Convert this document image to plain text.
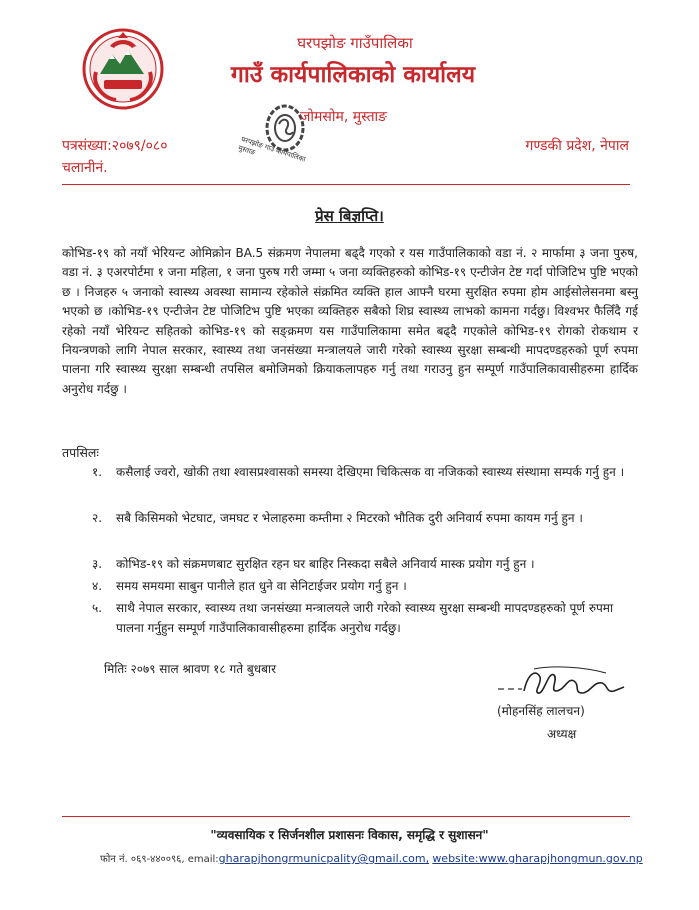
घरपझोङ गाउँपालिका
गाउँ कार्यपालिकाको कार्यालय
घरपझोङ गाउँ कार्यपालिका मुस्ताङ
जोमसोम, मुस्ताङ
पत्रसंख्या:२०७९/०८०
चलानीनं.
गण्डकी प्रदेश, नेपाल
प्रेस बिज्ञप्ति।
कोभिड-१९ को नयाँ भेरियन्ट ओमिक्रोन BA.5 संक्रमण नेपालमा बढ्दै गएको र यस गाउँपालिकाको वडा नं. २ मार्फामा ३ जना पुरुष, वडा नं. ३ एअरपोर्टमा १ जना महिला, १ जना पुरुष गरी जम्मा ५ जना व्यक्तिहरुको कोभिड-१९ एन्टीजेन टेष्ट गर्दा पोजिटिभ पुष्टि भएको छ । निजहरु ५ जनाको स्वास्थ्य अवस्था सामान्य रहेकोले संक्रमित व्यक्ति हाल आफ्नै घरमा सुरक्षित रुपमा होम आईसोलेसनमा बस्नु भएको छ ।कोभिड-१९ एन्टीजेन टेष्ट पोजिटिभ पुष्टि भएका व्यक्तिहरु सबैको शिघ्र स्वास्थ्य लाभको कामना गर्दछु। विश्वभर फैलिँदै गई रहेको नयाँ भेरियन्ट सहितको कोभिड-१९ को सङ्क्रमण यस गाउँपालिकामा समेत बढ्दै गएकोले कोभिड-१९ रोगको रोकथाम र नियन्त्रणको लागि नेपाल सरकार, स्वास्थ्य तथा जनसंख्या मन्त्रालयले जारी गरेको स्वास्थ्य सुरक्षा सम्बन्धी मापदण्डहरुको पूर्ण रुपमा पालना गरि स्वास्थ्य सुरक्षा सम्बन्धी तपसिल बमोजिमको क्रियाकलापहरु गर्नु तथा गराउनु हुन सम्पूर्ण गाउँपालिकावासीहरुमा हार्दिक अनुरोध गर्दछु ।
तपसिलः
१. कसैलाई ज्वरो, खोकी तथा श्वासप्रश्वासको समस्या देखिएमा चिकित्सक वा नजिकको स्वास्थ्य संस्थामा सम्पर्क गर्नु हुन ।
२. सबै किसिमको भेटघाट, जमघट र भेलाहरुमा कम्तीमा २ मिटरको भौतिक दुरी अनिवार्य रुपमा कायम गर्नु हुन ।
३. कोभिड-१९ को संक्रमणबाट सुरक्षित रहन घर बाहिर निस्कदा सबैले अनिवार्य मास्क प्रयोग गर्नु हुन ।
४. समय समयमा साबुन पानीले हात धुने वा सेनिटाईजर प्रयोग गर्नु हुन ।
५. साथै नेपाल सरकार, स्वास्थ्य तथा जनसंख्या मन्त्रालयले जारी गरेको स्वास्थ्य सुरक्षा सम्बन्धी मापदण्डहरुको पूर्ण रुपमा पालना गर्नुहुन सम्पूर्ण गाउँपालिकावासीहरुमा हार्दिक अनुरोध गर्दछु।
मितिः २०७९ साल श्रावण १८ गते बुधबार
(मोहनसिंह लालचन)
अध्यक्ष
"व्यवसायिक र सिर्जनशील प्रशासनः विकास, समृद्धि र सुशासन"
फोन नं. ०६९-४४००९६, email:gharapjhongrmunicpality@gmail.com, website:www.gharapjhongmun.gov.np
